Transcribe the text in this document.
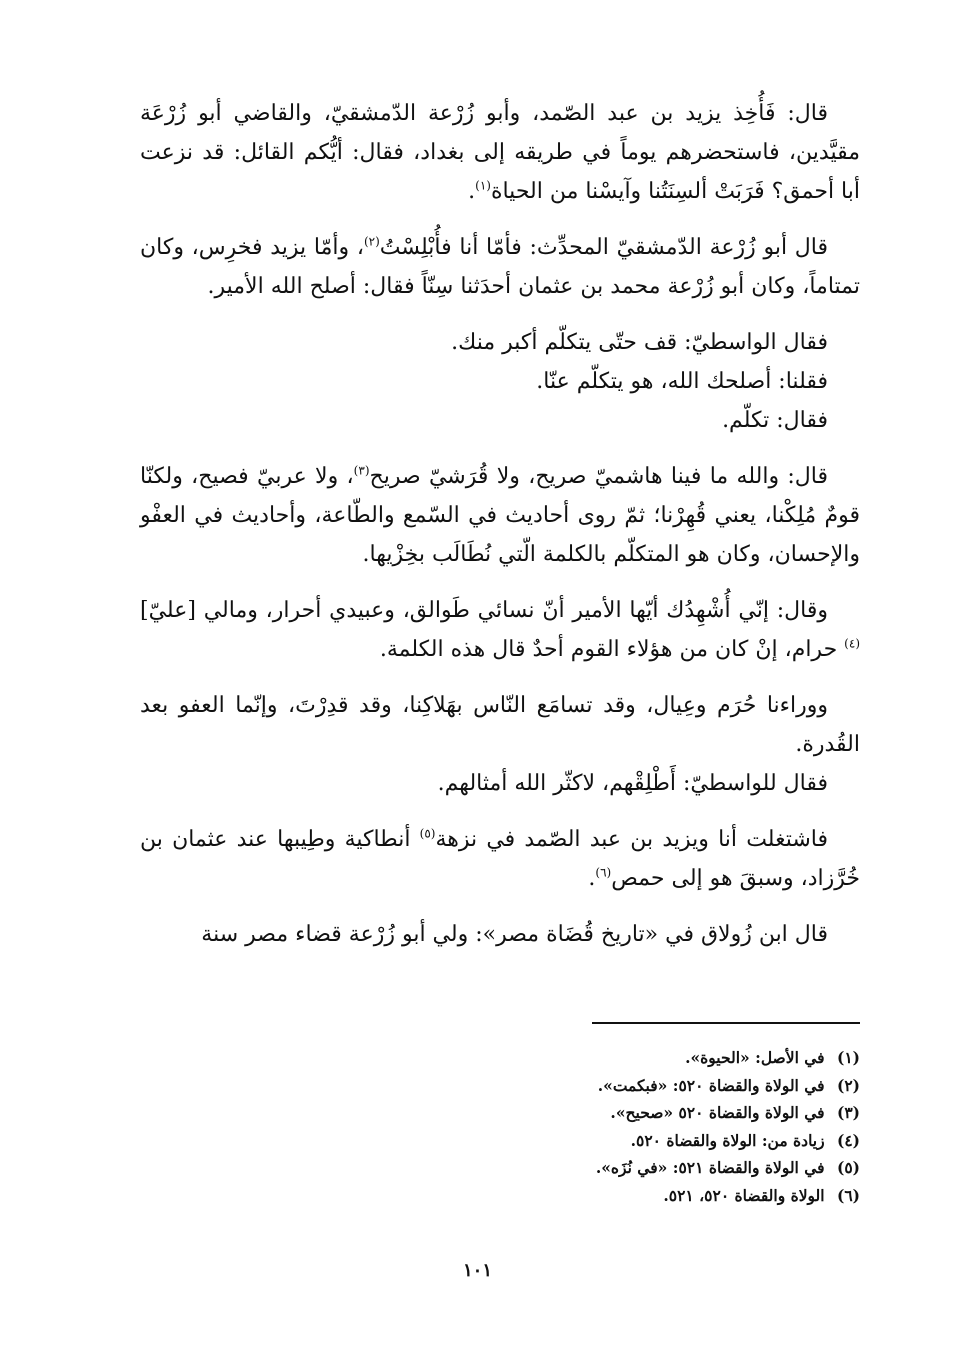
قال: فَأُخِذ يزيد بن عبد الصّمد، وأبو زُرْعة الدّمشقيّ، والقاضي أبو زُرْعَة مقيَّدين، فاستحضرهم يوماً في طريقه إلى بغداد، فقال: أيُّكم القائل: قد نزعت أبا أحمق؟ فَرَبَتْ ألسِنَتُنا وآيسْنا من الحياة$^{(١)}$.

قال أبو زُرْعة الدّمشقيّ المحدِّث: فأمّا أنا فأُبْلِسْتُ$^{(٢)}$، وأمّا يزيد فخرِس، وكان تمتاماً، وكان أبو زُرْعة محمد بن عثمان أحدَثنا سِنّاً فقال: أصلح الله الأمير.

فقال الواسطيّ: قف حتّى يتكلّم أكبر منك.

فقلنا: أصلحك الله، هو يتكلّم عنّا.

فقال: تكلّم.

قال: والله ما فينا هاشميّ صريح، ولا قُرَشيّ صريح$^{(٣)}$، ولا عربيّ فصيح، ولكنّا قومٌ مُلِكْنا، يعني قُهِرْنا؛ ثمّ روى أحاديث في السّمع والطّاعة، وأحاديث في العفْو والإحسان، وكان هو المتكلّم بالكلمة الّتي نُطَالَب بخِزْيها.

وقال: إنّي أُشْهِدُك أيّها الأمير أنّ نسائي طَوالق، وعبيدي أحرار، ومالي [عليّ]$^{(٤)}$ حرام، إنْ كان من هؤلاء القوم أحدٌ قال هذه الكلمة.

ووراءنا حُرَم وعِيال، وقد تسامَع النّاس بهَلاكِنا، وقد قدِرْتَ، وإنّما العفو بعد القُدرة.

فقال للواسطيّ: أَطْلِقْهم، لاكثّر الله أمثالهم.

فاشتغلت أنا ويزيد بن عبد الصّمد في نزهة$^{(٥)}$ أنطاكية وطِيبها عند عثمان بن خُرَّزاد، وسبقَ هو إلى حمص$^{(٦)}$.

قال ابن زُولاق في «تاريخ قُضَاة مصر»: ولي أبو زُرْعة قضاء مصر سنة

(١) في الأصل: «الحيوة».

(٢) في الولاة والقضاة ٥٢٠: «فبكمت».

(٣) في الولاة والقضاة ٥٢٠ «صحيح».

(٤) زيادة من: الولاة والقضاة ٥٢٠.

(٥) في الولاة والقضاة ٥٢١: «في نُزَه».

(٦) الولاة والقضاة ٥٢٠، ٥٢١.

١٠١
